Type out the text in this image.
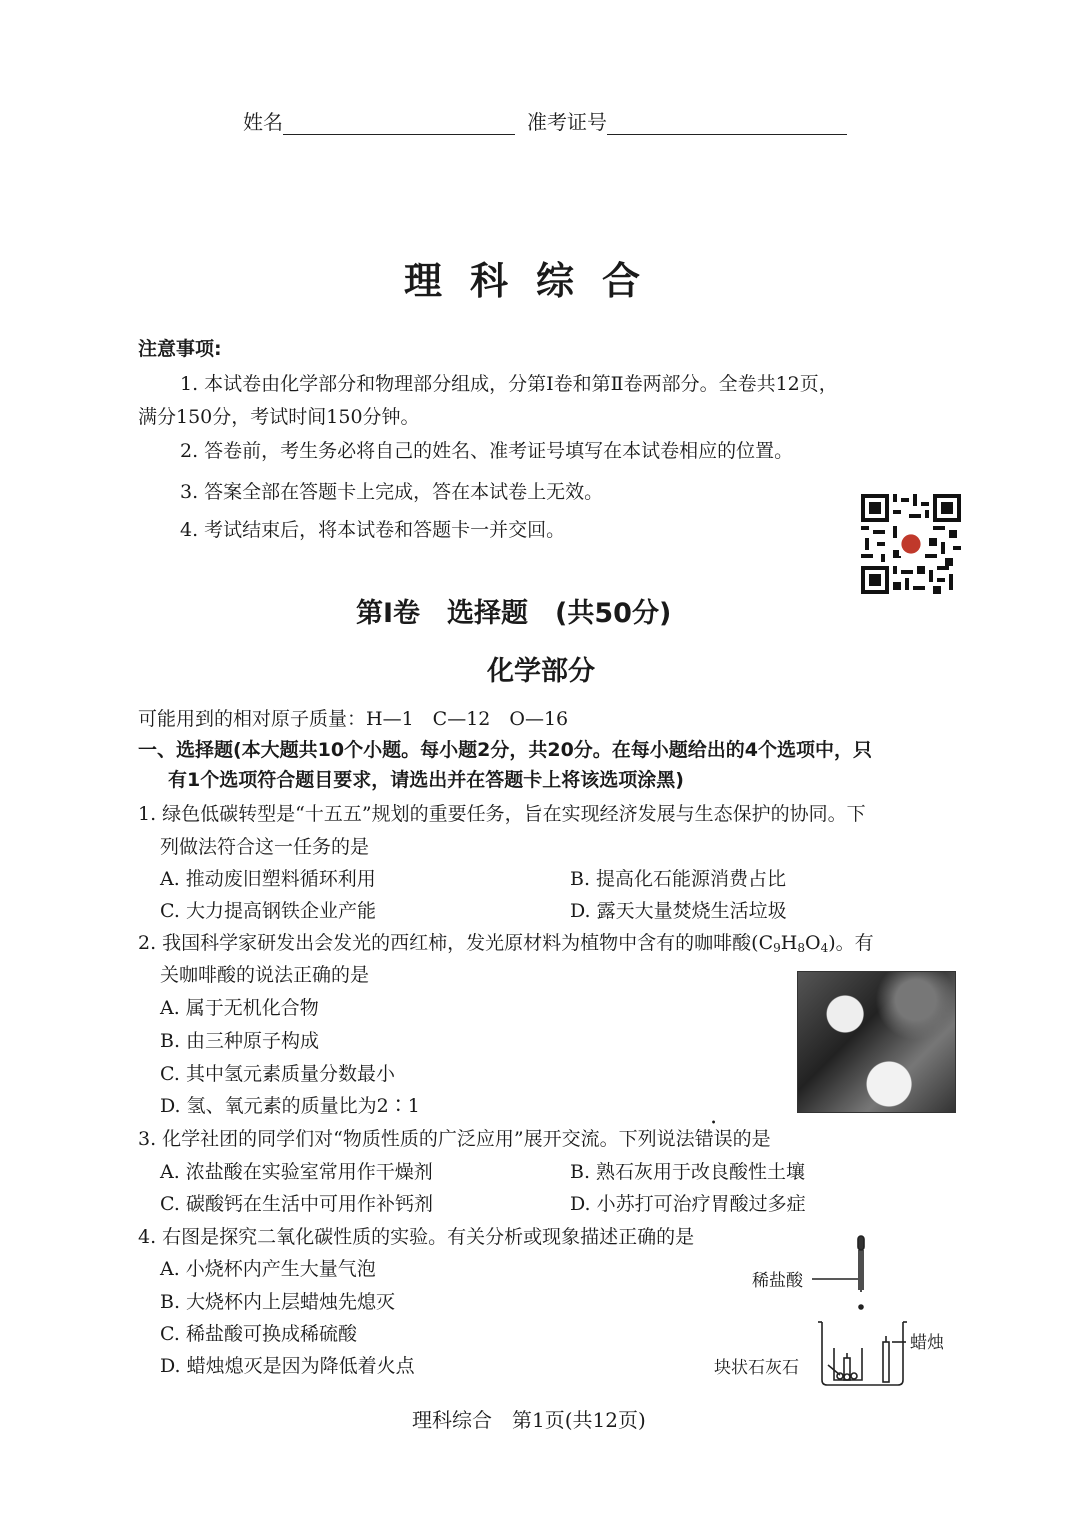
姓名	准考证号
理科综合
注意事项:
1. 本试卷由化学部分和物理部分组成，分第Ⅰ卷和第Ⅱ卷两部分。全卷共12页，
满分150分，考试时间150分钟。
2. 答卷前，考生务必将自己的姓名、准考证号填写在本试卷相应的位置。
3. 答案全部在答题卡上完成，答在本试卷上无效。
4. 考试结束后，将本试卷和答题卡一并交回。
第Ⅰ卷　选择题　(共50分)
化学部分
可能用到的相对原子质量：H—1　C—12　O—16
一、选择题(本大题共10个小题。每小题2分，共20分。在每小题给出的4个选项中，只
有1个选项符合题目要求，请选出并在答题卡上将该选项涂黑)
1. 绿色低碳转型是“十五五”规划的重要任务，旨在实现经济发展与生态保护的协同。下
列做法符合这一任务的是
A. 推动废旧塑料循环利用	B. 提高化石能源消费占比
C. 大力提高钢铁企业产能	D. 露天大量焚烧生活垃圾
2. 我国科学家研发出会发光的西红柿，发光原材料为植物中含有的咖啡酸$(C_9H_8O_4)$。有
关咖啡酸的说法正确的是
A. 属于无机化合物
B. 由三种原子构成
C. 其中氢元素质量分数最小
D. 氢、氧元素的质量比为2∶1
3. 化学社团的同学们对“物质性质的广泛应用”展开交流。下列说法错误的是
A. 浓盐酸在实验室常用作干燥剂	B. 熟石灰用于改良酸性土壤
C. 碳酸钙在生活中可用作补钙剂	D. 小苏打可治疗胃酸过多症
4. 右图是探究二氧化碳性质的实验。有关分析或现象描述正确的是
A. 小烧杯内产生大量气泡
B. 大烧杯内上层蜡烛先熄灭
C. 稀盐酸可换成稀硫酸
D. 蜡烛熄灭是因为降低着火点
稀盐酸
蜡烛
块状石灰石
理科综合　第1页(共12页)
